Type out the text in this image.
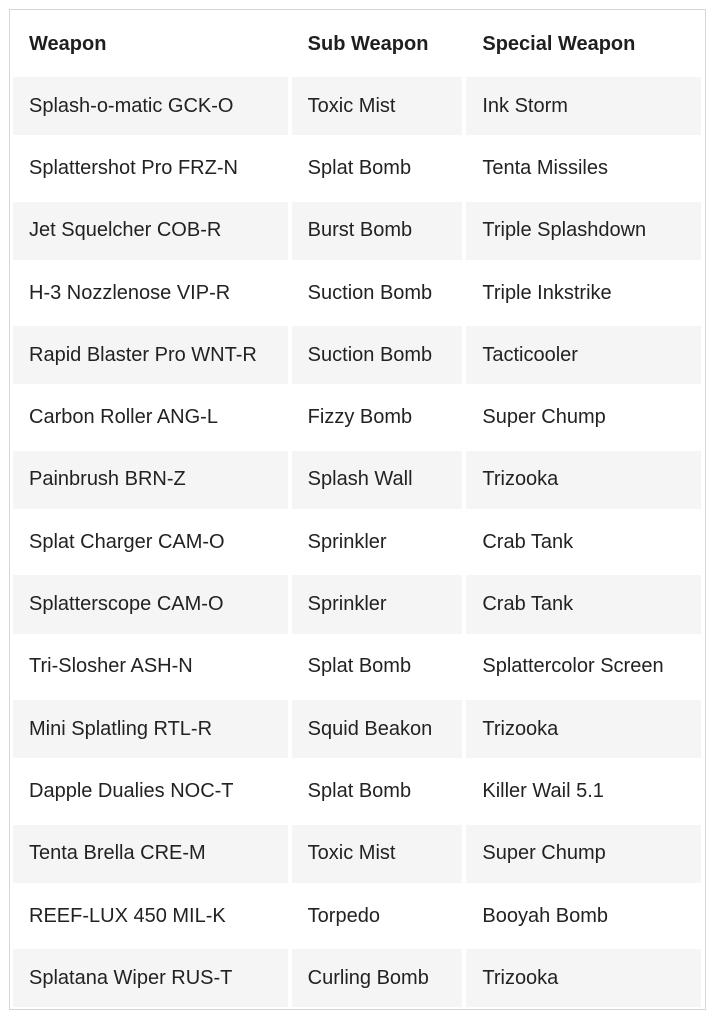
Weapon	Sub Weapon	Special Weapon
Splash-o-matic GCK-O	Toxic Mist	Ink Storm
Splattershot Pro FRZ-N	Splat Bomb	Tenta Missiles
Jet Squelcher COB-R	Burst Bomb	Triple Splashdown
H-3 Nozzlenose VIP-R	Suction Bomb	Triple Inkstrike
Rapid Blaster Pro WNT-R	Suction Bomb	Tacticooler
Carbon Roller ANG-L	Fizzy Bomb	Super Chump
Painbrush BRN-Z	Splash Wall	Trizooka
Splat Charger CAM-O	Sprinkler	Crab Tank
Splatterscope CAM-O	Sprinkler	Crab Tank
Tri-Slosher ASH-N	Splat Bomb	Splattercolor Screen
Mini Splatling RTL-R	Squid Beakon	Trizooka
Dapple Dualies NOC-T	Splat Bomb	Killer Wail 5.1
Tenta Brella CRE-M	Toxic Mist	Super Chump
REEF-LUX 450 MIL-K	Torpedo	Booyah Bomb
Splatana Wiper RUS-T	Curling Bomb	Trizooka
